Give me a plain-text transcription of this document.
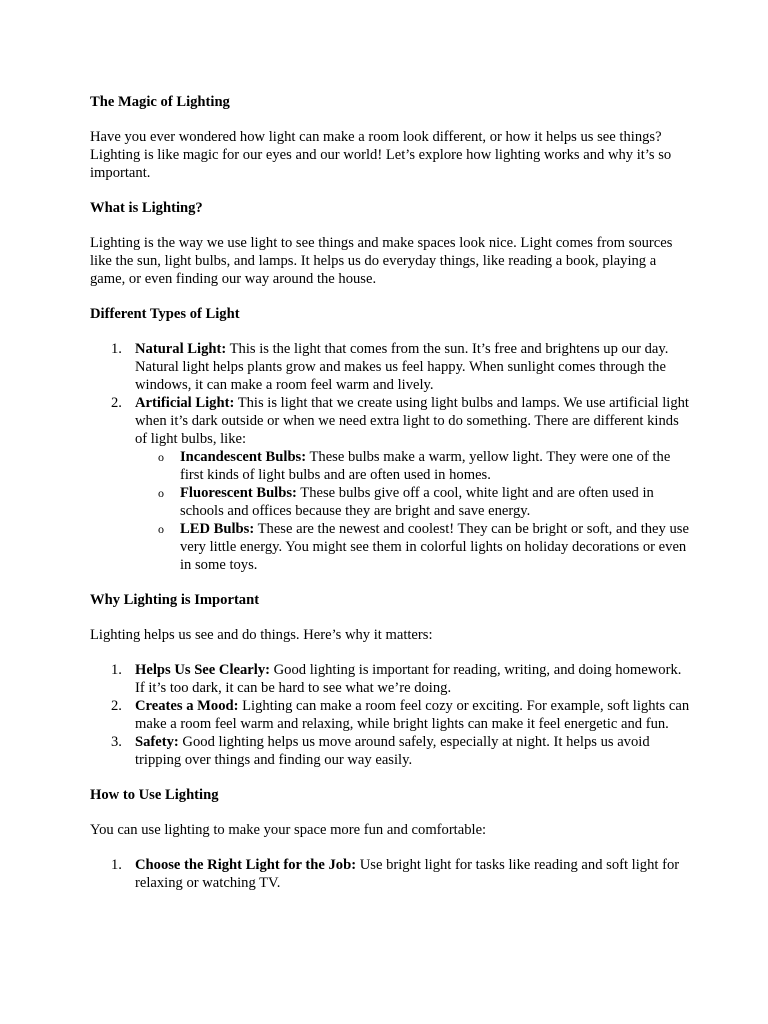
The Magic of Lighting

Have you ever wondered how light can make a room look different, or how it helps us see things? Lighting is like magic for our eyes and our world! Let’s explore how lighting works and why it’s so important.

What is Lighting?

Lighting is the way we use light to see things and make spaces look nice. Light comes from sources like the sun, light bulbs, and lamps. It helps us do everyday things, like reading a book, playing a game, or even finding our way around the house.

Different Types of Light
1. Natural Light: This is the light that comes from the sun. It’s free and brightens up our day. Natural light helps plants grow and makes us feel happy. When sunlight comes through the windows, it can make a room feel warm and lively.
2. Artificial Light: This is light that we create using light bulbs and lamps. We use artificial light when it’s dark outside or when we need extra light to do something. There are different kinds of light bulbs, like:
o Incandescent Bulbs: These bulbs make a warm, yellow light. They were one of the first kinds of light bulbs and are often used in homes.
o Fluorescent Bulbs: These bulbs give off a cool, white light and are often used in schools and offices because they are bright and save energy.
o LED Bulbs: These are the newest and coolest! They can be bright or soft, and they use very little energy. You might see them in colorful lights on holiday decorations or even in some toys.
Why Lighting is Important

Lighting helps us see and do things. Here’s why it matters:

1. Helps Us See Clearly: Good lighting is important for reading, writing, and doing homework. If it’s too dark, it can be hard to see what we’re doing.
2. Creates a Mood: Lighting can make a room feel cozy or exciting. For example, soft lights can make a room feel warm and relaxing, while bright lights can make it feel energetic and fun.
3. Safety: Good lighting helps us move around safely, especially at night. It helps us avoid tripping over things and finding our way easily.
How to Use Lighting

You can use lighting to make your space more fun and comfortable:

1. Choose the Right Light for the Job: Use bright light for tasks like reading and soft light for relaxing or watching TV.
